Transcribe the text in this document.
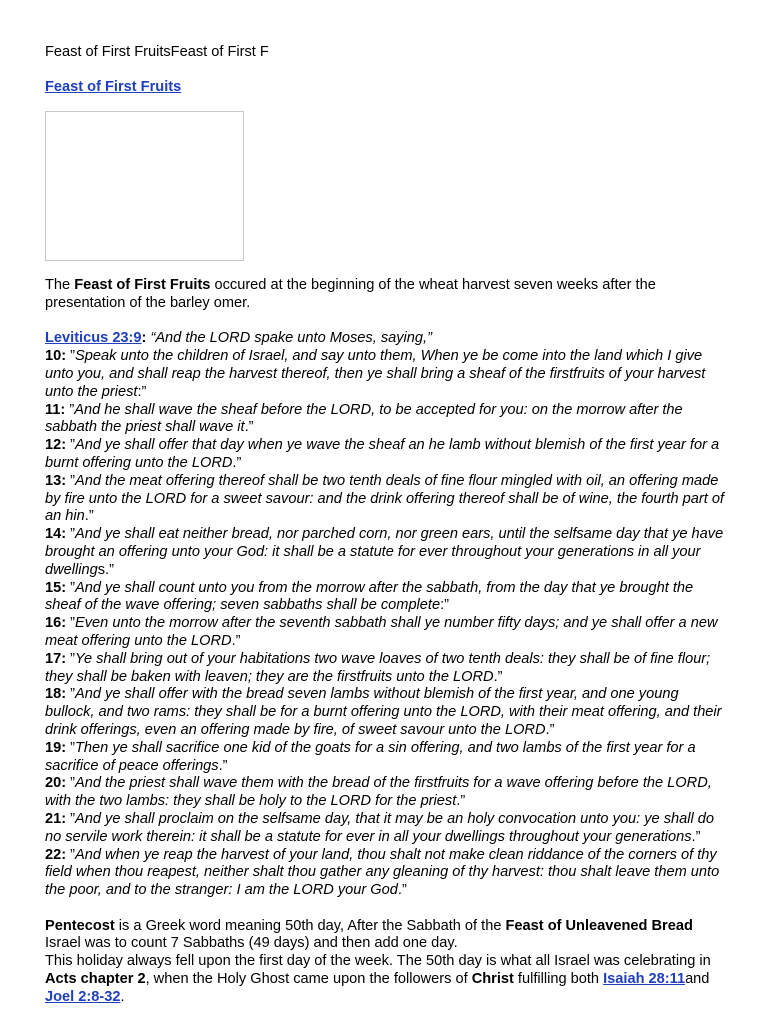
Feast of First FruitsFeast of First F
Feast of First Fruits

The Feast of First Fruits occured at the beginning of the wheat harvest seven weeks after the presentation of the barley omer.

Leviticus 23:9: “And the LORD spake unto Moses, saying,”

10: ”Speak unto the children of Israel, and say unto them, When ye be come into the land which I give unto you, and shall reap the harvest thereof, then ye shall bring a sheaf of the firstfruits of your harvest unto the priest:”

11: ”And he shall wave the sheaf before the LORD, to be accepted for you: on the morrow after the sabbath the priest shall wave it.”

12: ”And ye shall offer that day when ye wave the sheaf an he lamb without blemish of the first year for a burnt offering unto the LORD.”

13: ”And the meat offering thereof shall be two tenth deals of fine flour mingled with oil, an offering made by fire unto the LORD for a sweet savour: and the drink offering thereof shall be of wine, the fourth part of an hin.”

14: ”And ye shall eat neither bread, nor parched corn, nor green ears, until the selfsame day that ye have brought an offering unto your God: it shall be a statute for ever throughout your generations in all your dwellings.”

15: ”And ye shall count unto you from the morrow after the sabbath, from the day that ye brought the sheaf of the wave offering; seven sabbaths shall be complete:”

16: ”Even unto the morrow after the seventh sabbath shall ye number fifty days; and ye shall offer a new meat offering unto the LORD.”

17: ”Ye shall bring out of your habitations two wave loaves of two tenth deals: they shall be of fine flour; they shall be baken with leaven; they are the firstfruits unto the LORD.”

18: ”And ye shall offer with the bread seven lambs without blemish of the first year, and one young bullock, and two rams: they shall be for a burnt offering unto the LORD, with their meat offering, and their drink offerings, even an offering made by fire, of sweet savour unto the LORD.”

19: ”Then ye shall sacrifice one kid of the goats for a sin offering, and two lambs of the first year for a sacrifice of peace offerings.”

20: ”And the priest shall wave them with the bread of the firstfruits for a wave offering before the LORD, with the two lambs: they shall be holy to the LORD for the priest.”

21: ”And ye shall proclaim on the selfsame day, that it may be an holy convocation unto you: ye shall do no servile work therein: it shall be a statute for ever in all your dwellings throughout your generations.”

22: ”And when ye reap the harvest of your land, thou shalt not make clean riddance of the corners of thy field when thou reapest, neither shalt thou gather any gleaning of thy harvest: thou shalt leave them unto the poor, and to the stranger: I am the LORD your God.”

Pentecost is a Greek word meaning 50th day, After the Sabbath of the Feast of Unleavened Bread Israel was to count 7 Sabbaths (49 days) and then add one day.

This holiday always fell upon the first day of the week. The 50th day is what all Israel was celebrating in Acts chapter 2, when the Holy Ghost came upon the followers of Christ fulfilling both Isaiah 28:11and Joel 2:8-32.
